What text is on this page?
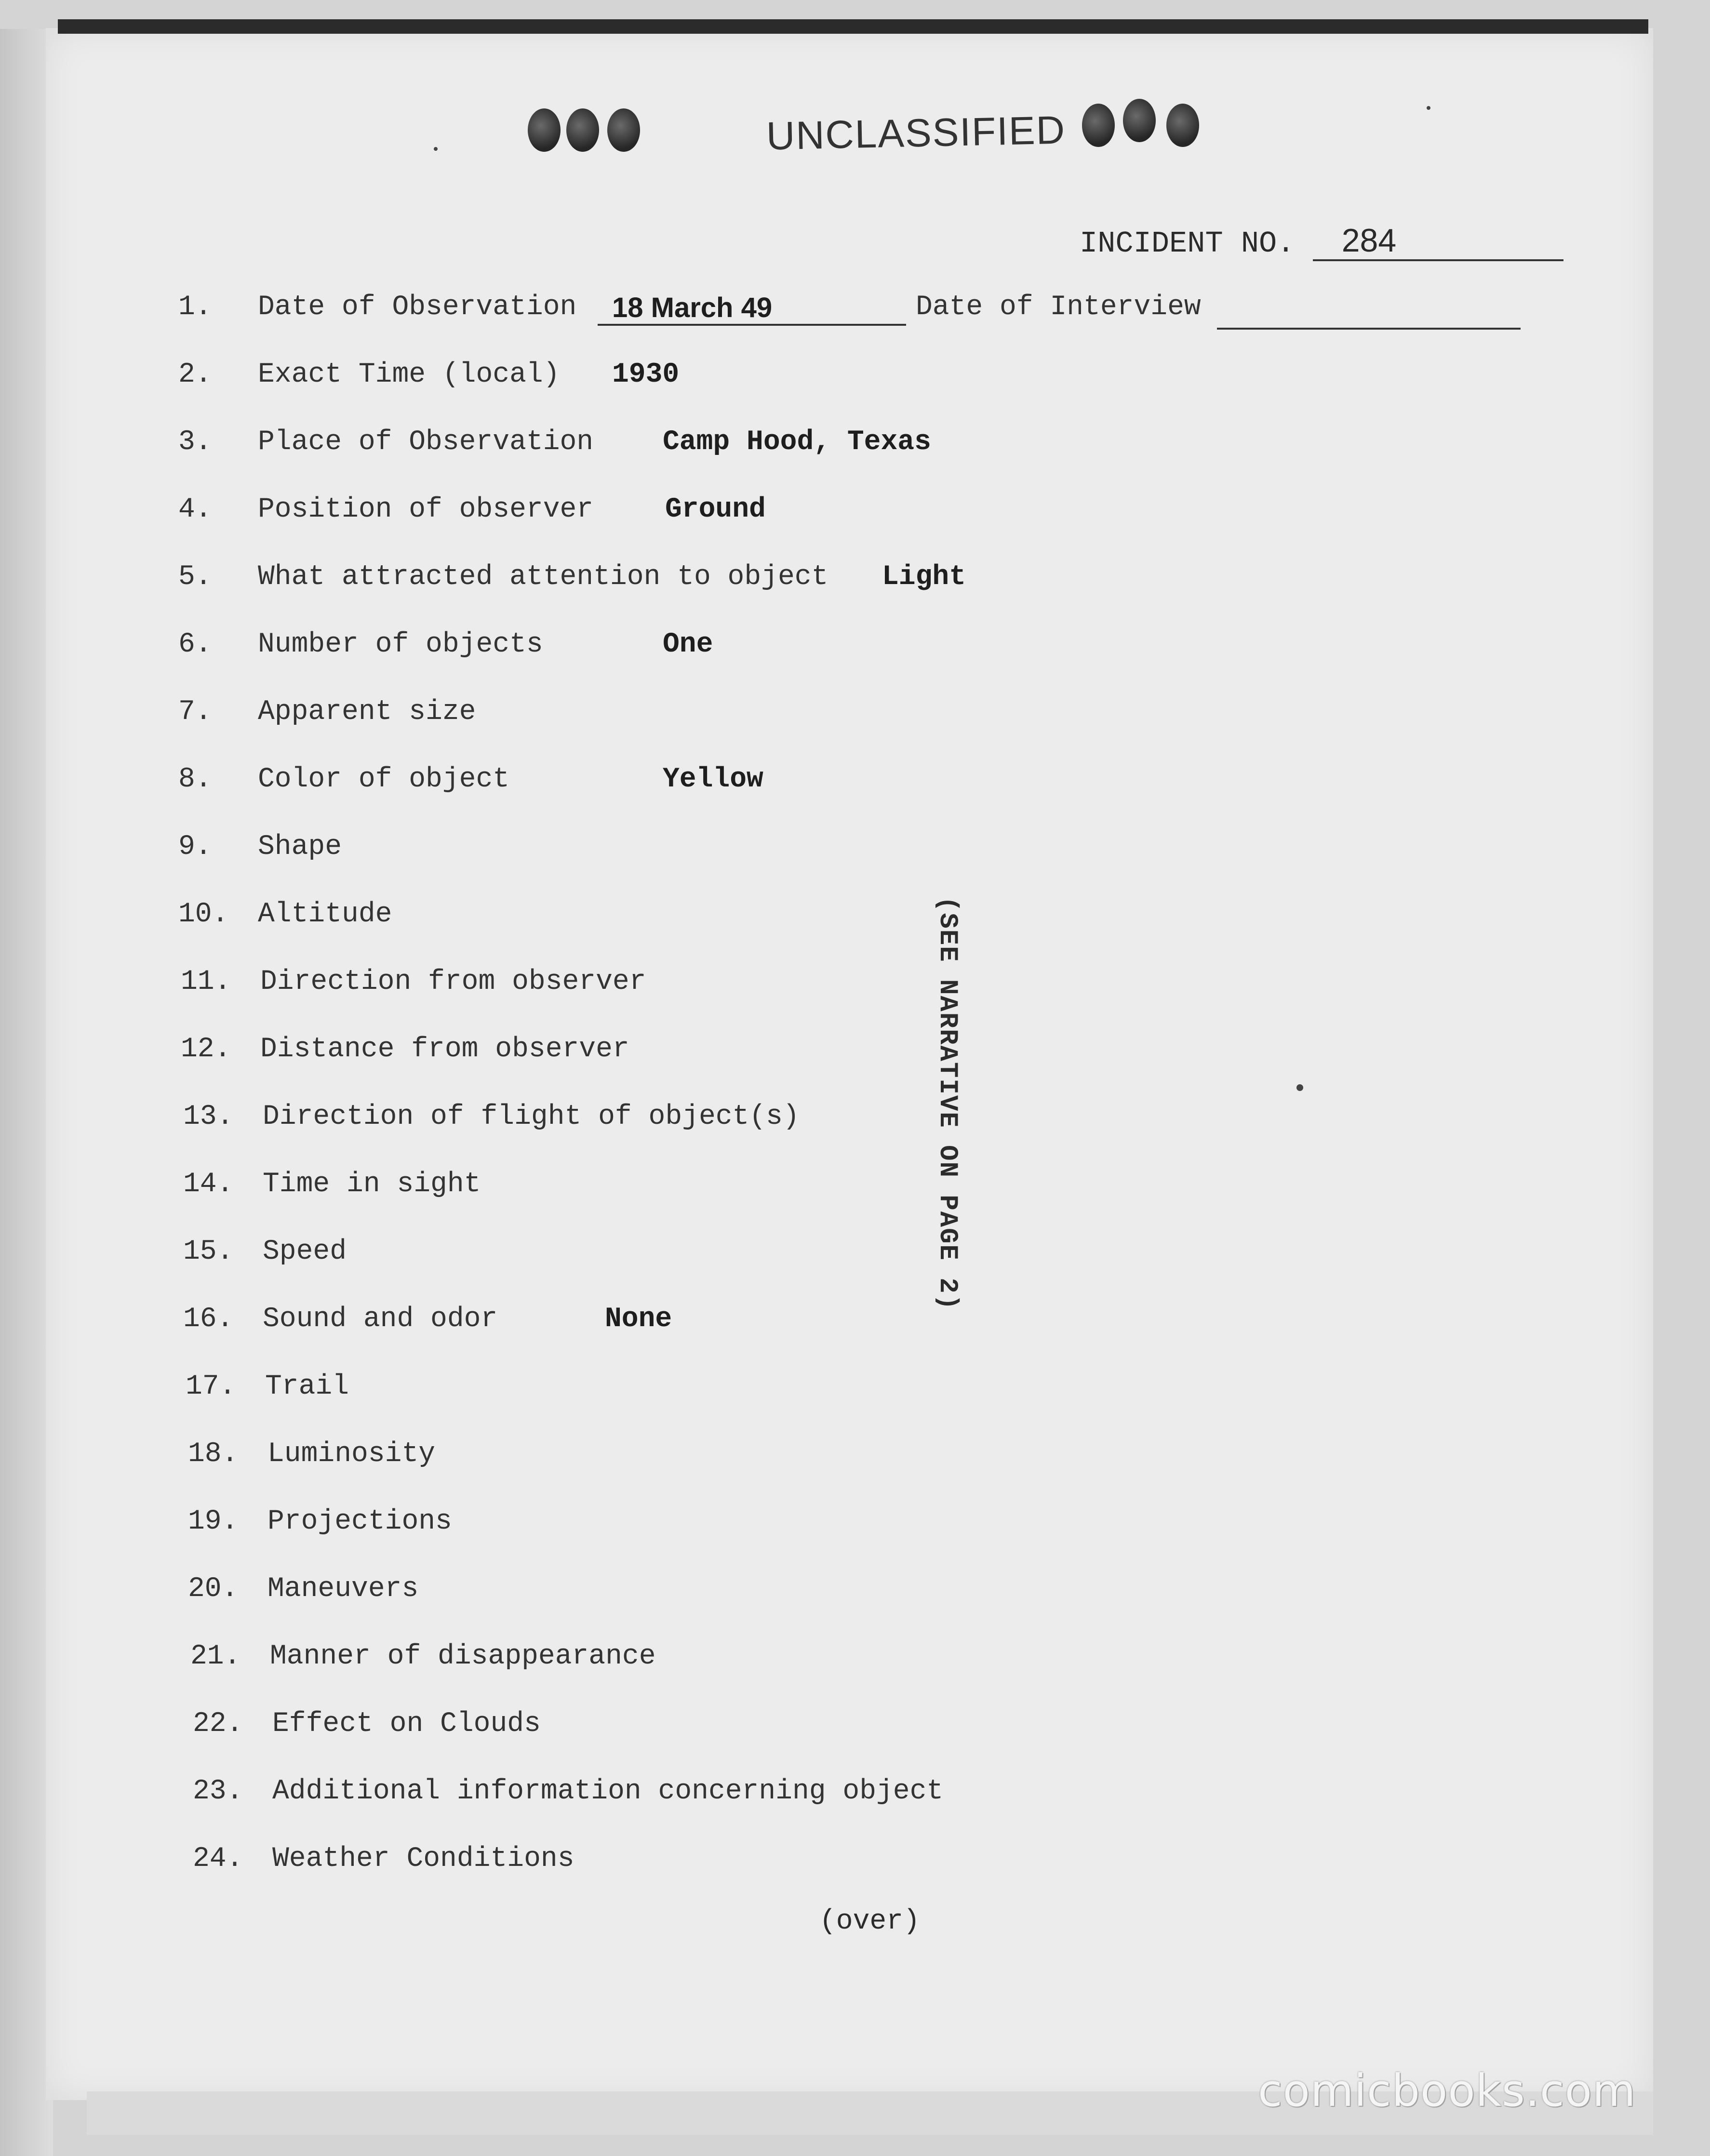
UNCLASSIFIED
INCIDENT NO. 284
1.	Date of Observation	18 March 49	Date of Interview
2.	Exact Time (local) 1930
3.	Place of Observation Camp Hood, Texas
4.	Position of observer	Ground
5.	What attracted attention to object Light
6.	Number of objects	One
7.	Apparent size
8.	Color of object	Yellow
9.	Shape
10.	Altitude
11.	Direction from observer
12.	Distance from observer
13.	Direction of flight of object(s)
14.	Time in sight
15.	Speed
16.	Sound and odor	None
17.	Trail
18.	Luminosity
19.	Projections
20.	Maneuvers
21.	Manner of disappearance
22.	Effect on Clouds
23.	Additional information concerning object
24.	Weather Conditions
(SEE NARRATIVE ON PAGE 2)
(over)
comicbooks.com
